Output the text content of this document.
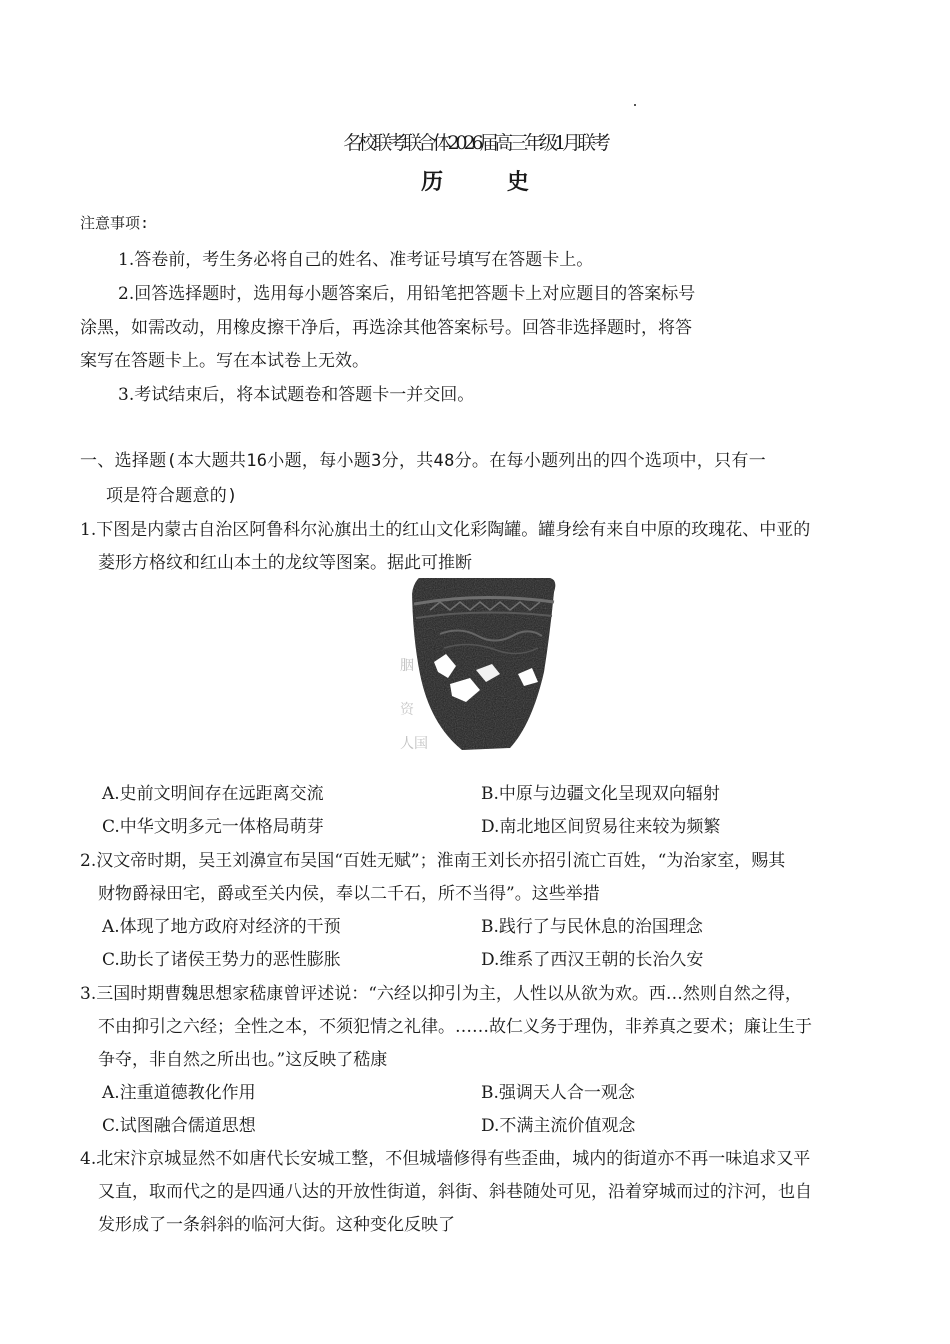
名校联考联合体2026届高三年级1月联考
历 史
注意事项:
1.答卷前，考生务必将自己的姓名、准考证号填写在答题卡上。
2.回答选择题时，选用每小题答案后，用铅笔把答题卡上对应题目的答案标号
涂黑，如需改动，用橡皮擦干净后，再选涂其他答案标号。回答非选择题时，将答
案写在答题卡上。写在本试卷上无效。
3.考试结束后，将本试题卷和答题卡一并交回。
一、选择题(本大题共16小题，每小题3分，共48分。在每小题列出的四个选项中，只有一
项是符合题意的)
1.下图是内蒙古自治区阿鲁科尔沁旗出土的红山文化彩陶罐。罐身绘有来自中原的玫瑰花、中亚的
菱形方格纹和红山本土的龙纹等图案。据此可推断
胭
资
人国
A.史前文明间存在远距离交流	B.中原与边疆文化呈现双向辐射
C.中华文明多元一体格局萌芽	D.南北地区间贸易往来较为频繁
2.汉文帝时期，吴王刘濞宣布吴国“百姓无赋”；淮南王刘长亦招引流亡百姓，“为治家室，赐其
财物爵禄田宅，爵或至关内侯，奉以二千石，所不当得”。这些举措
A.体现了地方政府对经济的干预	B.践行了与民休息的治国理念
C.助长了诸侯王势力的恶性膨胀	D.维系了西汉王朝的长治久安
3.三国时期曹魏思想家嵇康曾评述说：“六经以抑引为主，人性以从欲为欢。西…然则自然之得，
不由抑引之六经；全性之本，不须犯情之礼律。……故仁义务于理伪，非养真之要术；廉让生于
争夺，非自然之所出也。”这反映了嵇康
A.注重道德教化作用	B.强调天人合一观念
C.试图融合儒道思想	D.不满主流价值观念
4.北宋汴京城显然不如唐代长安城工整，不但城墙修得有些歪曲，城内的街道亦不再一味追求又平
又直，取而代之的是四通八达的开放性街道，斜街、斜巷随处可见，沿着穿城而过的汴河，也自
发形成了一条斜斜的临河大街。这种变化反映了
